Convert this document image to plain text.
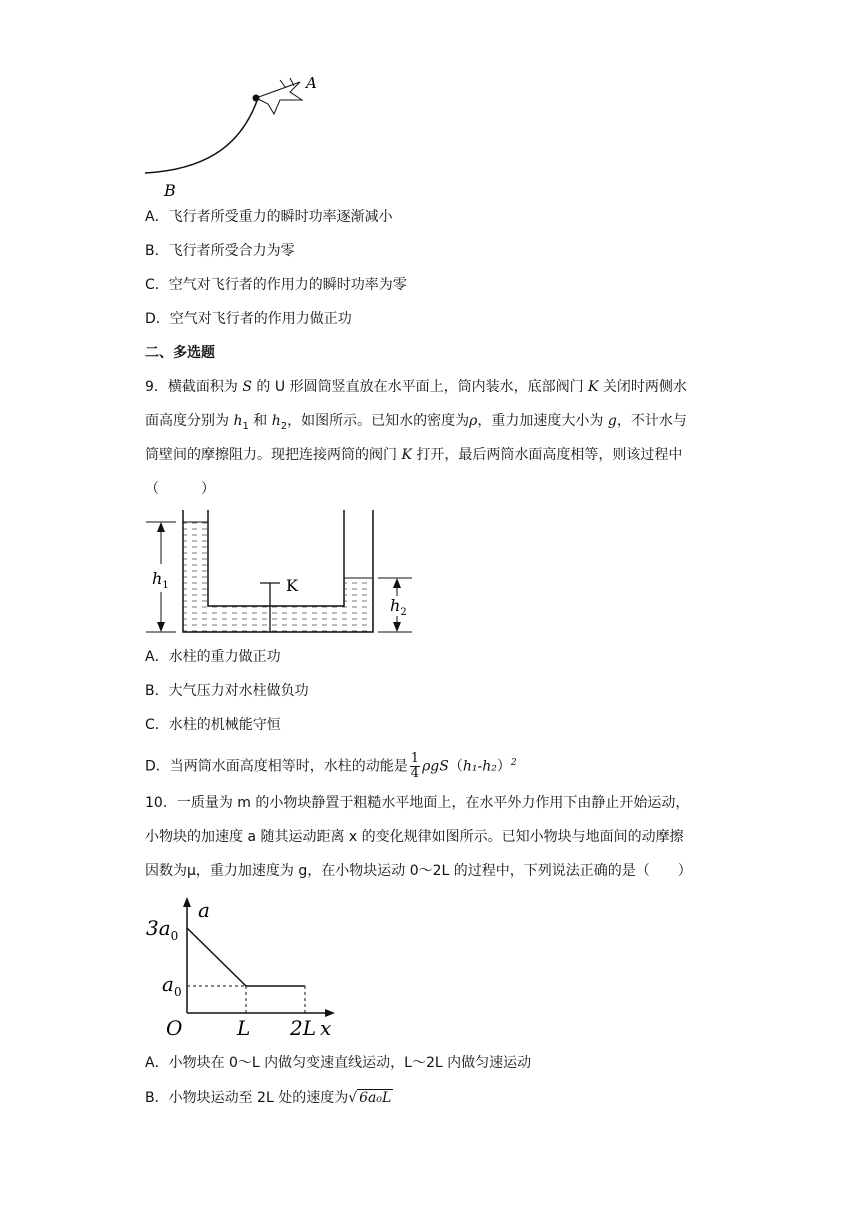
A
B
A．飞行者所受重力的瞬时功率逐渐减小
B．飞行者所受合力为零
C．空气对飞行者的作用力的瞬时功率为零
D．空气对飞行者的作用力做正功
二、多选题
9．横截面积为 S 的 U 形圆筒竖直放在水平面上，筒内装水，底部阀门 K 关闭时两侧水
面高度分别为 $h_1$ 和 $h_2$，如图所示。已知水的密度为ρ，重力加速度大小为 g，不计水与
筒壁间的摩擦阻力。现把连接两筒的阀门 K 打开，最后两筒水面高度相等，则该过程中
（　　　）
K
$h_1$
$h_2$
A．水柱的重力做正功
B．大气压力对水柱做负功
C．水柱的机械能守恒
D．当两筒水面高度相等时，水柱的动能是 $\frac{1}{4} \rho gS(h_1-h_2)^2$
10．一质量为 m 的小物块静置于粗糙水平地面上，在水平外力作用下由静止开始运动，
小物块的加速度 a 随其运动距离 x 的变化规律如图所示。已知小物块与地面间的动摩擦
因数为μ，重力加速度为 g，在小物块运动 0～2L 的过程中，下列说法正确的是（　　）
$3a_0$
$a_0$
a
O	L 2L x
A．小物块在 0～L 内做匀变速直线运动，L～2L 内做匀速运动
B．小物块运动至 2L 处的速度为√ 6a₀L
